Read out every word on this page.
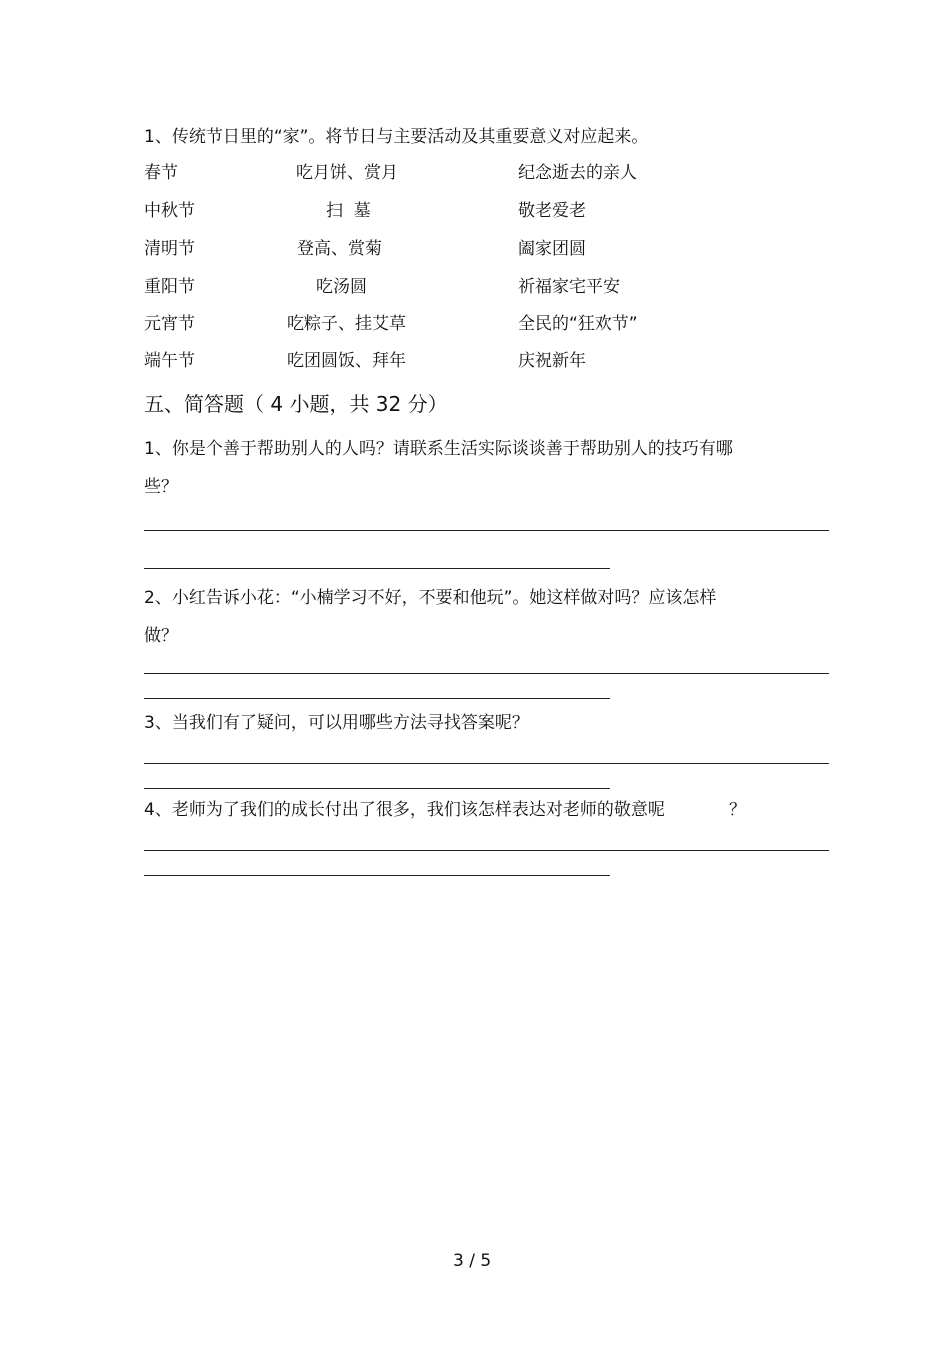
1、传统节日里的“家”。将节日与主要活动及其重要意义对应起来。
春节	吃月饼、赏月	纪念逝去的亲人
中秋节	扫  墓	敬老爱老
清明节	登高、赏菊	阖家团圆
重阳节	吃汤圆	祈福家宅平安
元宵节	吃粽子、挂艾草	全民的“狂欢节”
端午节	吃团圆饭、拜年	庆祝新年
五、简答题（ 4 小题，共 32 分）
1、你是个善于帮助别人的人吗？请联系生活实际谈谈善于帮助别人的技巧有哪
些？
2、小红告诉小花：“小楠学习不好，不要和他玩”。她这样做对吗？应该怎样
做？
3、当我们有了疑问，可以用哪些方法寻找答案呢？
4、老师为了我们的成长付出了很多，我们该怎样表达对老师的敬意呢	？
3 / 5
